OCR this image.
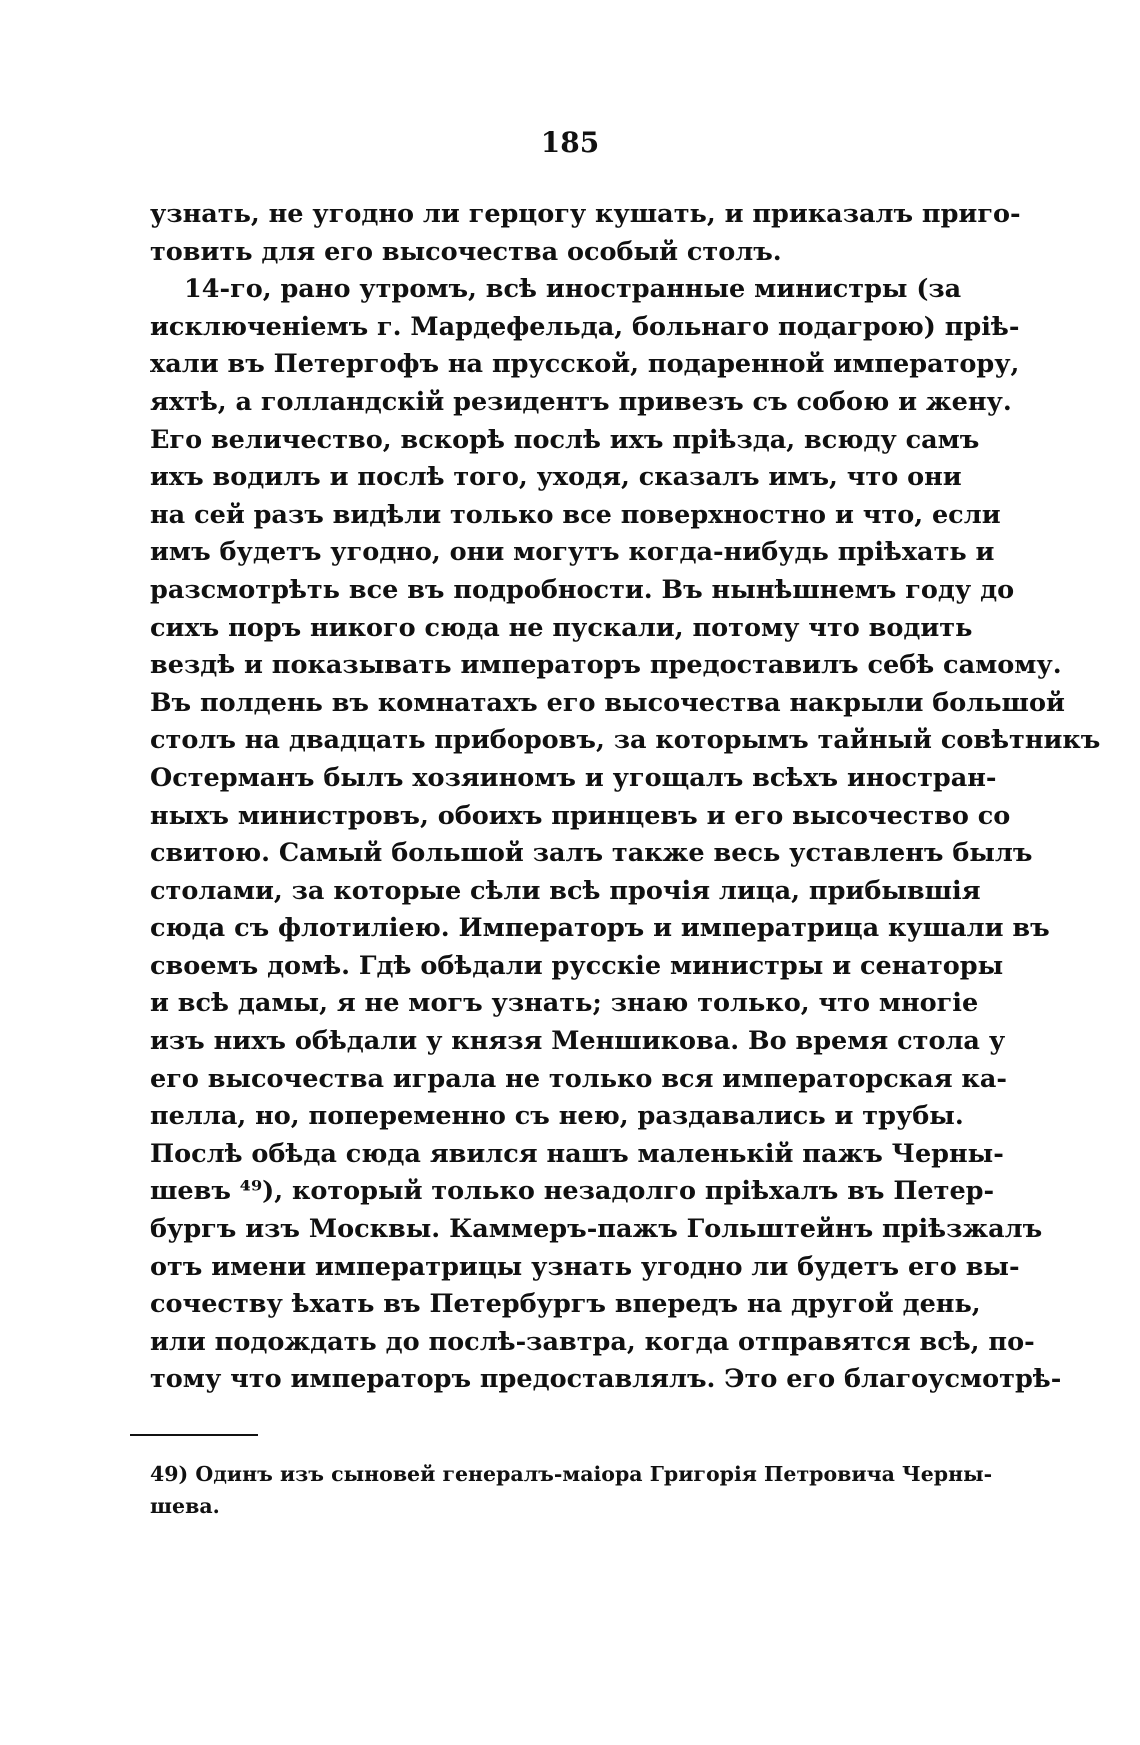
185
узнать, не угодно ли герцогу кушать, и приказалъ приго-
товить для его высочества особый столъ.
14-го, рано утромъ, всѣ иностранные министры (за
исключеніемъ г. Мардефельда, больнаго подагрою) пріѣ-
хали въ Петергофъ на прусской, подаренной императору,
яхтѣ, а голландскій резидентъ привезъ съ собою и жену.
Его величество, вскорѣ послѣ ихъ пріѣзда, всюду самъ
ихъ водилъ и послѣ того, уходя, сказалъ имъ, что они
на сей разъ видѣли только все поверхностно и что, если
имъ будетъ угодно, они могутъ когда-нибудь пріѣхать и
разсмотрѣть все въ подробности. Въ нынѣшнемъ году до
сихъ поръ никого сюда не пускали, потому что водить
вездѣ и показывать императоръ предоставилъ себѣ самому.
Въ полдень въ комнатахъ его высочества накрыли большой
столъ на двадцать приборовъ, за которымъ тайный совѣтникъ
Остерманъ былъ хозяиномъ и угощалъ всѣхъ иностран-
ныхъ министровъ, обоихъ принцевъ и его высочество со
свитою. Самый большой залъ также весь уставленъ былъ
столами, за которые сѣли всѣ прочія лица, прибывшія
сюда съ флотиліею. Императоръ и императрица кушали въ
своемъ домѣ. Гдѣ обѣдали русскіе министры и сенаторы
и всѣ дамы, я не могъ узнать; знаю только, что многіе
изъ нихъ обѣдали у князя Меншикова. Во время стола у
его высочества играла не только вся императорская ка-
пелла, но, попеременно съ нею, раздавались и трубы.
Послѣ обѣда сюда явился нашъ маленькій пажъ Черны-
шевъ ⁴⁹), который только незадолго пріѣхалъ въ Петер-
бургъ изъ Москвы. Каммеръ-пажъ Гольштейнъ пріѣзжалъ
отъ имени императрицы узнать угодно ли будетъ его вы-
сочеству ѣхать въ Петербургъ впередъ на другой день,
или подождать до послѣ-завтра, когда отправятся всѣ, по-
тому что императоръ предоставлялъ. Это его благоусмотрѣ-
49) Одинъ изъ сыновей генералъ-маіора Григорія Петровича Черны-
шева.
